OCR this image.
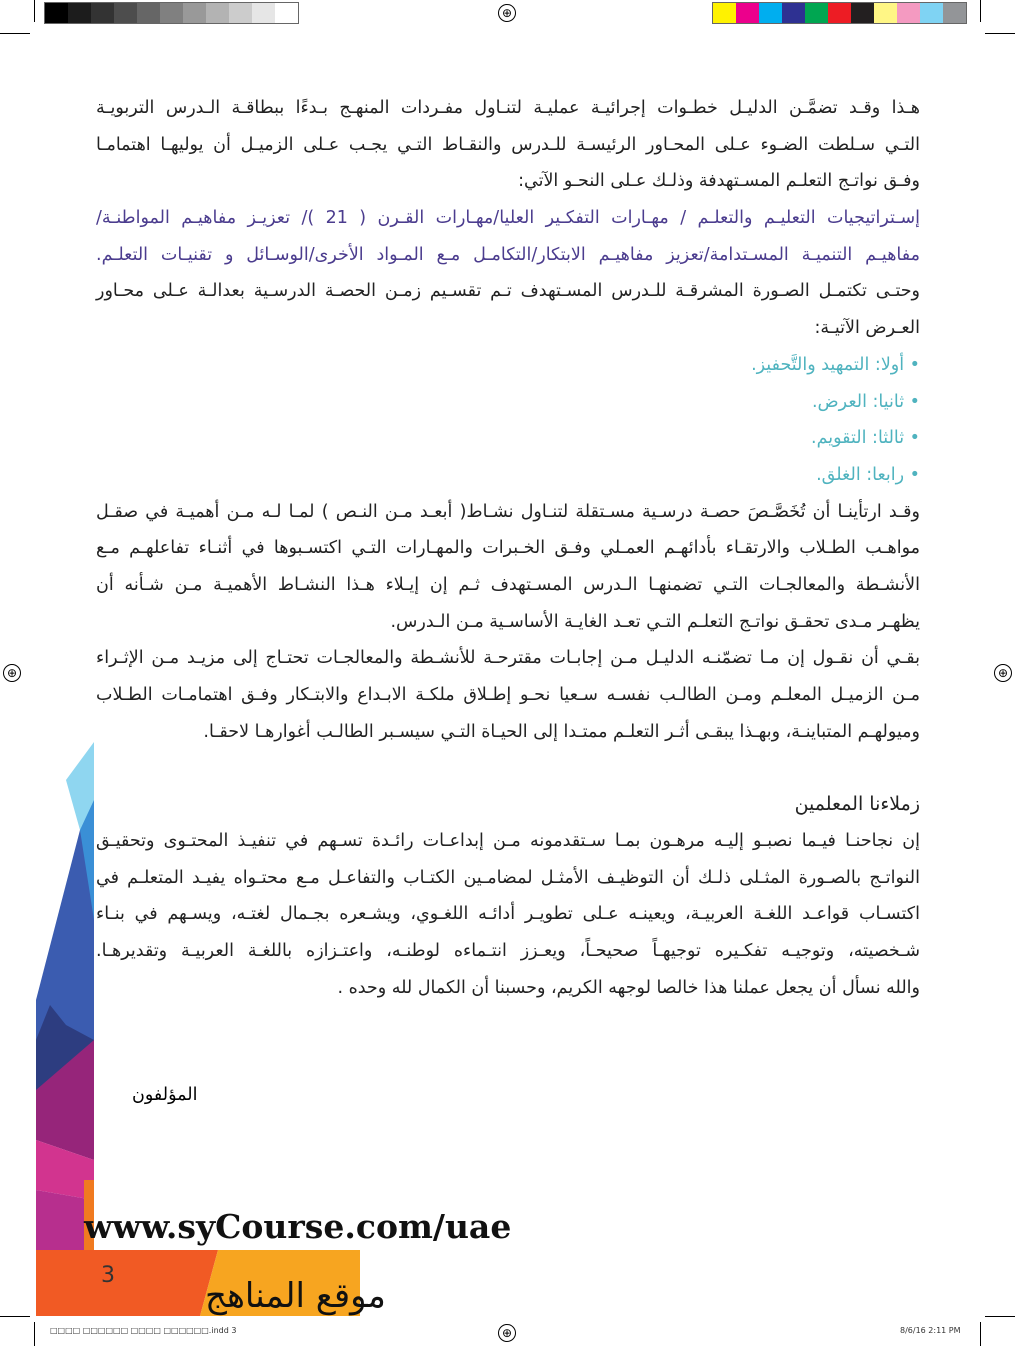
⊕
⊕	⊕
⊕
هـذا وقـد تضمَّـن الدليـل خطـوات إجرائيـة عمليـة لتنـاول مفـردات المنهـج بـدءًا ببطاقـة الـدرس التربويـة
التـي سـلطت الضـوء عـلى المحـاور الرئيسـة للـدرس والنقـاط التـي يجـب عـلى الزميـل أن يوليهـا اهتمامـا
وفـق نواتـج التعلـم المسـتهدفة وذلـك عـلى النحـو الآتي:
إسـتراتيجيات التعليـم والتعلـم / مهـارات التفكـير العليا/مهـارات القـرن ( 21 )/ تعزيـز مفاهيـم المواطنـة/
مفاهيـم التنميـة المسـتدامة/تعزيز مفاهيـم الابتكار/التكامـل مـع المـواد الأخرى/الوسـائل و تقنيـات التعلـم.
وحتـى تكتمـل الصـورة المشرقـة للـدرس المسـتهدف تـم تقسـيم زمـن الحصـة الدرسـية بعدالـة عـلى محـاور
العـرض الآتيـة:
• أولا: التمهيد والتَّحفيز.
• ثانيا: العرض.
• ثالثا: التقويم.
• رابعا: الغلق.
وقـد ارتأينـا أن تُخَصَّـصَ حصـة درسـية مسـتقلة لتنـاول نشـاط( أبعـد مـن النـص ) لمـا لـه مـن أهميـة في صقـل
مواهـب الطـلاب والارتقـاء بأدائهـم العمـلي وفـق الخـبرات والمهـارات التـي اكتسـبوها في أثنـاء تفاعلهـم مـع
الأنشـطة والمعالجـات التـي تضمنهـا الـدرس المسـتهدف ثـم إن إيـلاء هـذا النشـاط الأهميـة مـن شـأنه أن
يظهـر مـدى تحقـق نواتـج التعلـم التـي تعـد الغايـة الأساسـية مـن الـدرس.
بقـي أن نقـول إن مـا تضمّنـه الدليـل مـن إجابـات مقترحـة للأنشـطة والمعالجـات تحتـاج إلى مزيـد مـن الإثـراء
مـن الزميـل المعلـم ومـن الطالـب نفسـه سـعيا نحـو إطـلاق ملكـة الابـداع والابتـكار وفـق اهتمامـات الطـلاب
وميولهـم المتباينـة، وبهـذا يبقـى أثـر التعلـم ممتـدا إلى الحيـاة التـي سيسـبر الطالـب أغوارهـا لاحقـا.
زملاءنا المعلمين
إن نجاحنـا فيـما نصبـو إليـه مرهـون بمـا سـتقدمونه مـن إبداعـات رائـدة تسـهم في تنفيـذ المحتـوى وتحقيـق
النواتـج بالصـورة المثـلى ذلـك أن التوظيـف الأمثـل لمضامـين الكتـاب والتفاعـل مـع محتـواه يفيـد المتعلـم في
اكتسـاب قواعـد اللغـة العربيـة، ويعينـه عـلى تطويـر أدائـه اللغـوي، ويشـعره بجـمال لغتـه، ويسـهم في بنـاء
شـخصيته، وتوجيـه تفكـيره توجيهـاً صحيحـاً، ويعـزز انتـماءه لوطنـه، واعتـزازه باللغـة العربيـة وتقديرهـا.
والله نسأل أن يجعل عملنا هذا خالصا لوجهه الكريم، وحسبنا أن الكمال لله وحده .
المؤلفون
www.syCourse.com/uae
3
موقع المناهج
□□□□ □□□□□□ □□□□ □□□□□□.indd 3	8/6/16 2:11 PM
